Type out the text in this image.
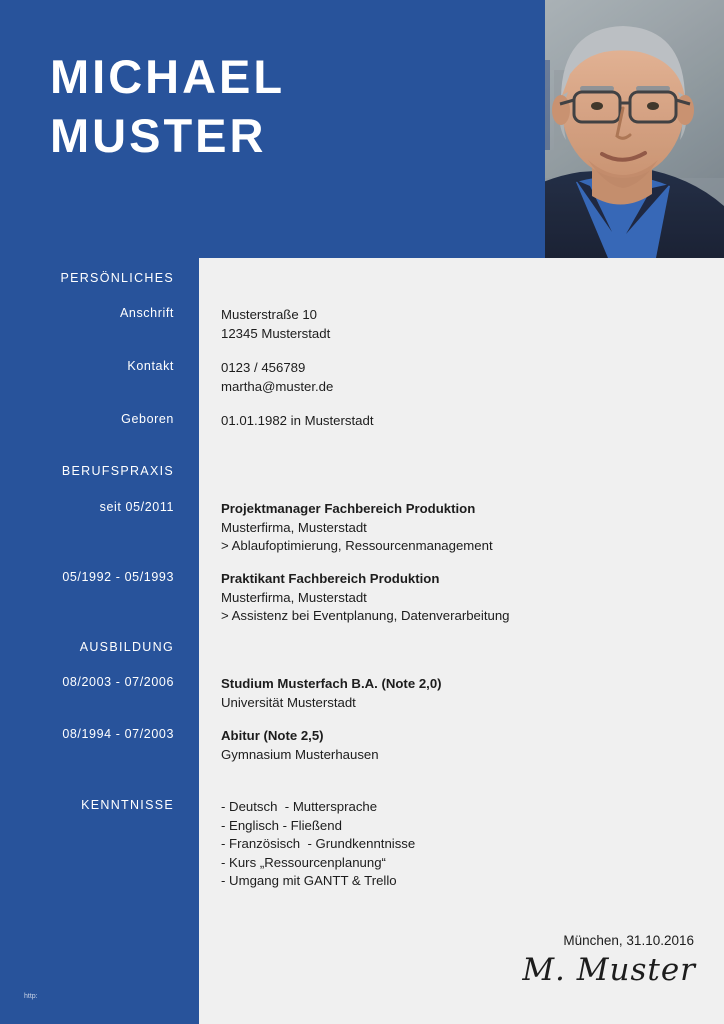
MICHAEL
MUSTER
PERSÖNLICHES
Anschrift	Musterstraße 10
12345 Musterstadt
Kontakt	0123 / 456789
martha@muster.de
Geboren	01.01.1982 in Musterstadt
BERUFSPRAXIS
seit 05/2011	Projektmanager Fachbereich Produktion
Musterfirma, Musterstadt
> Ablaufoptimierung, Ressourcenmanagement
05/1992 - 05/1993	Praktikant Fachbereich Produktion
Musterfirma, Musterstadt
> Assistenz bei Eventplanung, Datenverarbeitung
AUSBILDUNG
08/2003 - 07/2006	Studium Musterfach B.A. (Note 2,0)
Universität Musterstadt
08/1994 - 07/2003	Abitur (Note 2,5)
Gymnasium Musterhausen
KENNTNISSE	- Deutsch  - Muttersprache
- Englisch - Fließend
- Französisch  - Grundkenntnisse
- Kurs „Ressourcenplanung“
- Umgang mit GANTT & Trello
München, 31.10.2016
M. Muster
http:
